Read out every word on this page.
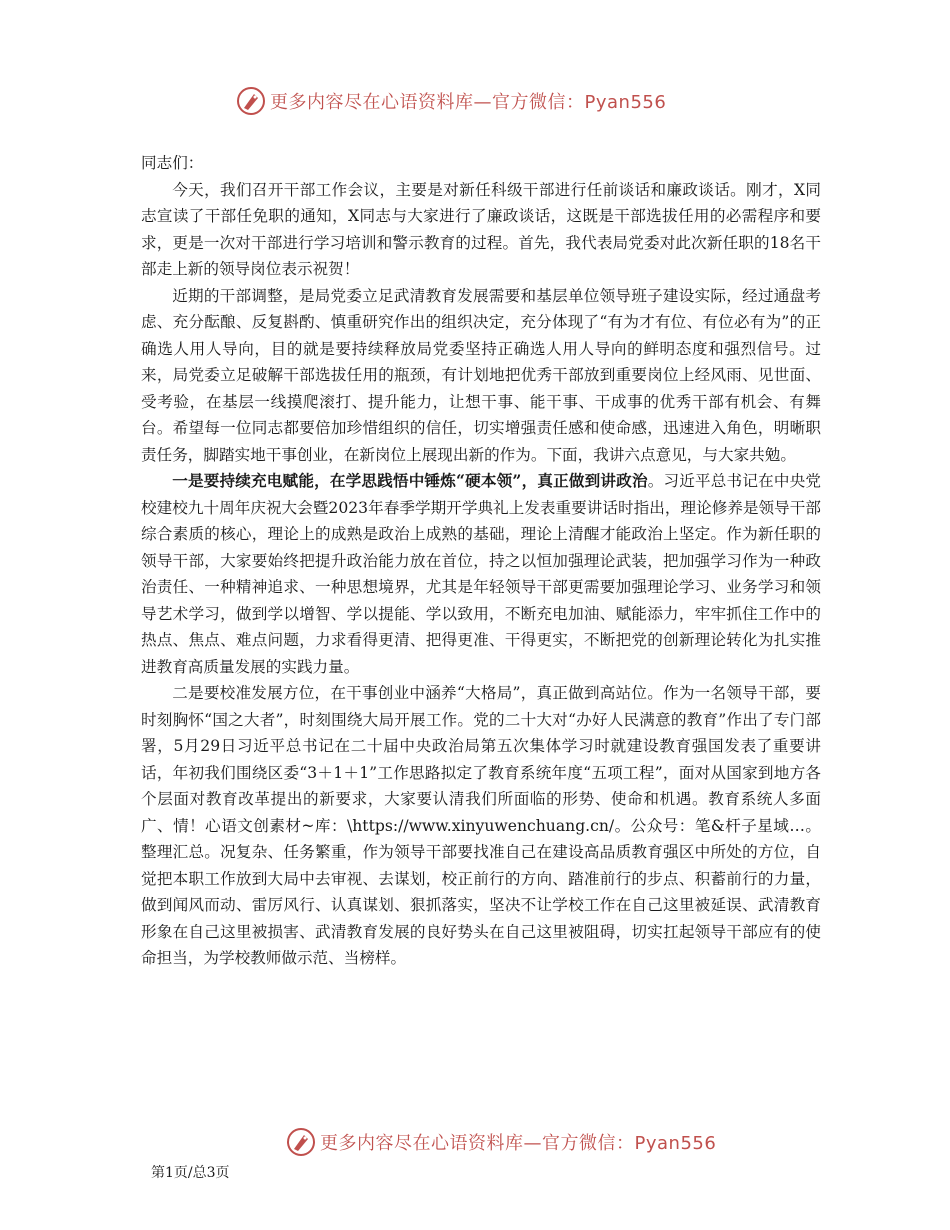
更多内容尽在心语资料库—官方微信：Pyan556

同志们：

今天，我们召开干部工作会议，主要是对新任科级干部进行任前谈话和廉政谈话。刚才，X同志宣读了干部任免职的通知，X同志与大家进行了廉政谈话，这既是干部选拔任用的必需程序和要求，更是一次对干部进行学习培训和警示教育的过程。首先，我代表局党委对此次新任职的18名干部走上新的领导岗位表示祝贺！

近期的干部调整，是局党委立足武清教育发展需要和基层单位领导班子建设实际，经过通盘考虑、充分酝酿、反复斟酌、慎重研究作出的组织决定，充分体现了“有为才有位、有位必有为”的正确选人用人导向，目的就是要持续释放局党委坚持正确选人用人导向的鲜明态度和强烈信号。过来，局党委立足破解干部选拔任用的瓶颈，有计划地把优秀干部放到重要岗位上经风雨、见世面、受考验，在基层一线摸爬滚打、提升能力，让想干事、能干事、干成事的优秀干部有机会、有舞台。希望每一位同志都要倍加珍惜组织的信任，切实增强责任感和使命感，迅速进入角色，明晰职责任务，脚踏实地干事创业，在新岗位上展现出新的作为。下面，我讲六点意见，与大家共勉。

一是要持续充电赋能，在学思践悟中锤炼“硬本领”，真正做到讲政治。习近平总书记在中央党校建校九十周年庆祝大会暨2023年春季学期开学典礼上发表重要讲话时指出，理论修养是领导干部综合素质的核心，理论上的成熟是政治上成熟的基础，理论上清醒才能政治上坚定。作为新任职的领导干部，大家要始终把提升政治能力放在首位，持之以恒加强理论武装，把加强学习作为一种政治责任、一种精神追求、一种思想境界，尤其是年轻领导干部更需要加强理论学习、业务学习和领导艺术学习，做到学以增智、学以提能、学以致用，不断充电加油、赋能添力，牢牢抓住工作中的热点、焦点、难点问题，力求看得更清、把得更准、干得更实，不断把党的创新理论转化为扎实推进教育高质量发展的实践力量。

二是要校准发展方位，在干事创业中涵养“大格局”，真正做到高站位。作为一名领导干部，要时刻胸怀“国之大者”，时刻围绕大局开展工作。党的二十大对“办好人民满意的教育”作出了专门部署，5月29日习近平总书记在二十届中央政治局第五次集体学习时就建设教育强国发表了重要讲话，年初我们围绕区委“3＋1＋1”工作思路拟定了教育系统年度“五项工程”，面对从国家到地方各个层面对教育改革提出的新要求，大家要认清我们所面临的形势、使命和机遇。教育系统人多面广、情！心语文创素材~库：\https://www.xinyuwenchuang.cn/。公众号：笔&杆子星域…。整理汇总。况复杂、任务繁重，作为领导干部要找准自己在建设高品质教育强区中所处的方位，自觉把本职工作放到大局中去审视、去谋划，校正前行的方向、踏准前行的步点、积蓄前行的力量，做到闻风而动、雷厉风行、认真谋划、狠抓落实，坚决不让学校工作在自己这里被延误、武清教育形象在自己这里被损害、武清教育发展的良好势头在自己这里被阻碍，切实扛起领导干部应有的使命担当，为学校教师做示范、当榜样。

更多内容尽在心语资料库—官方微信：Pyan556
第1页/总3页
